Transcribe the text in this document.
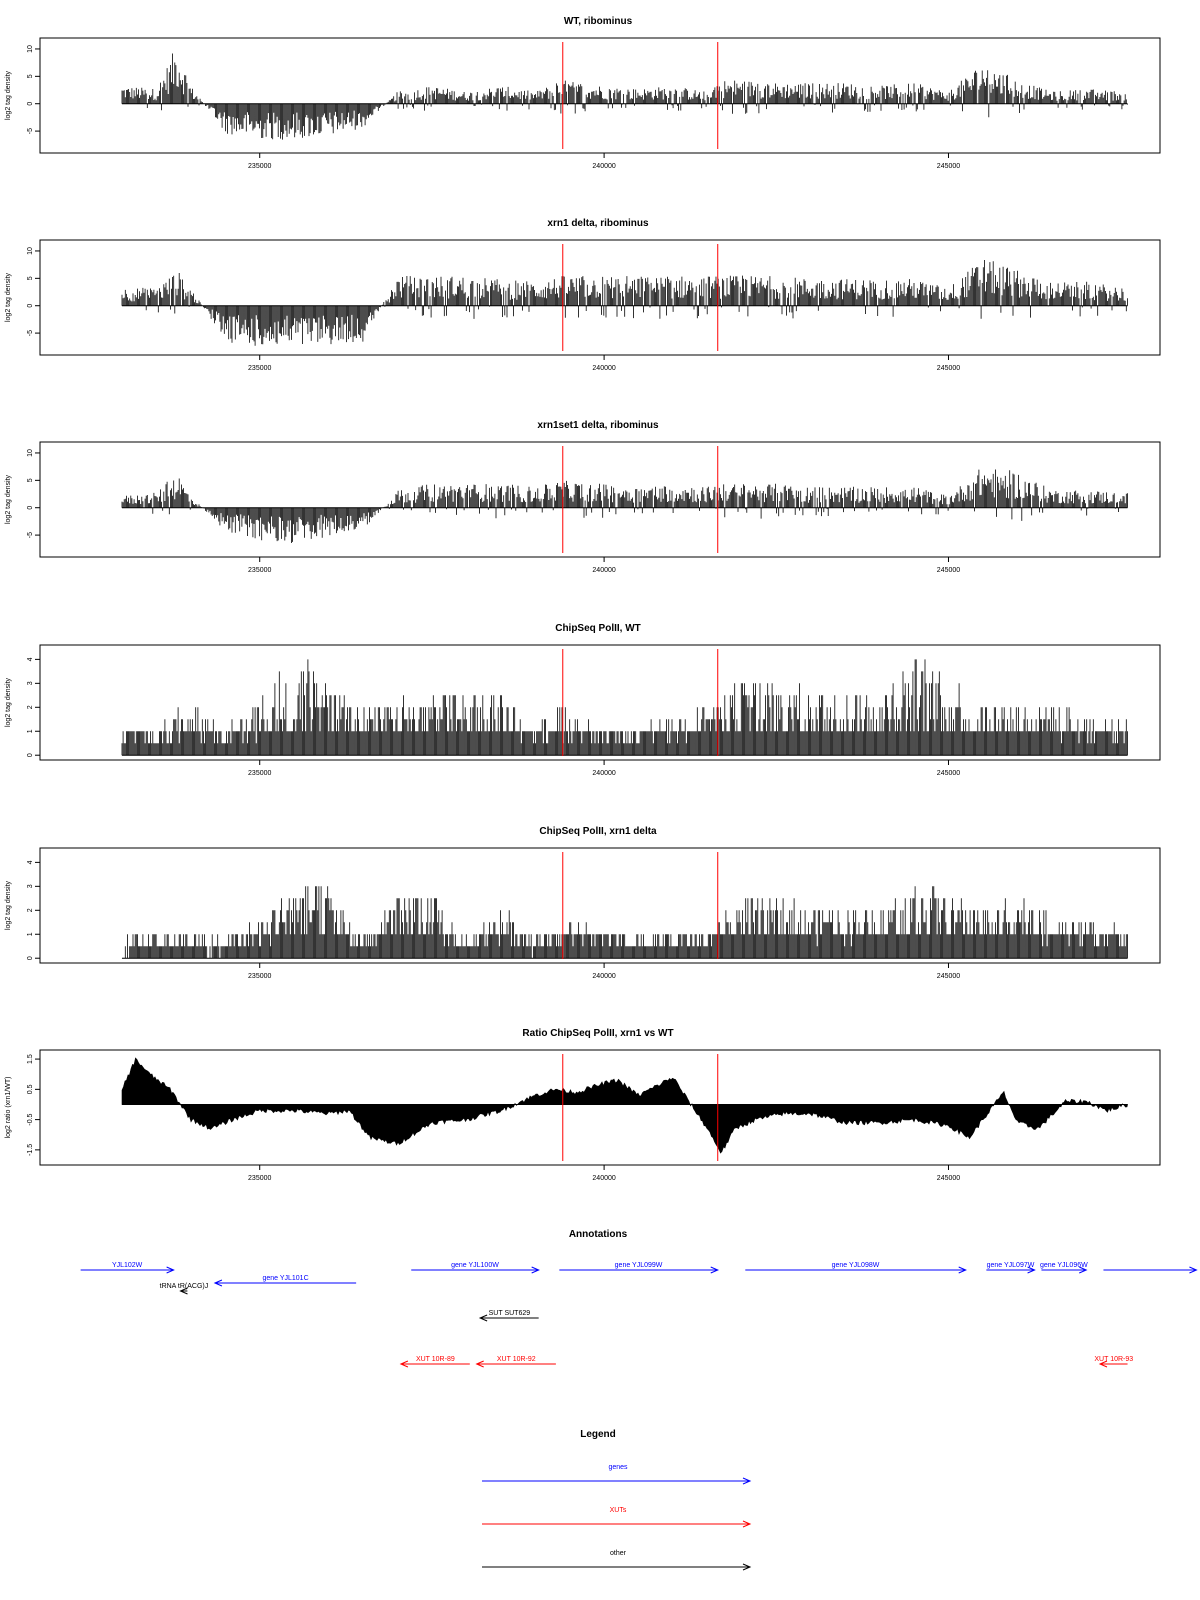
WT, ribominus
-5
0
5
10
log2 tag density
235000	240000	245000
xrn1 delta, ribominus
-5
0
5
10
log2 tag density
235000	240000	245000
xrn1set1 delta, ribominus
-5
0
5
10
log2 tag density
235000	240000	245000
ChipSeq PolII, WT
0
1
2
3
4
log2 tag density
235000	240000	245000
ChipSeq PolII, xrn1 delta
0
1
2
3
4
log2 tag density
235000	240000	245000
Ratio ChipSeq PolII, xrn1 vs WT
-1.5
-0.5
0.5
1.5
log2 ratio (xrn1/WT)
235000	240000	245000
Annotations
YJL102W
gene YJL101C
tRNA tR(ACG)J
gene YJL100W	gene YJL099W	gene YJL098W	gene YJL097W gene YJL096W
SUT SUT629
XUT 10R-89	XUT 10R-92	XUT 10R-93
Legend
genes
XUTs
other
